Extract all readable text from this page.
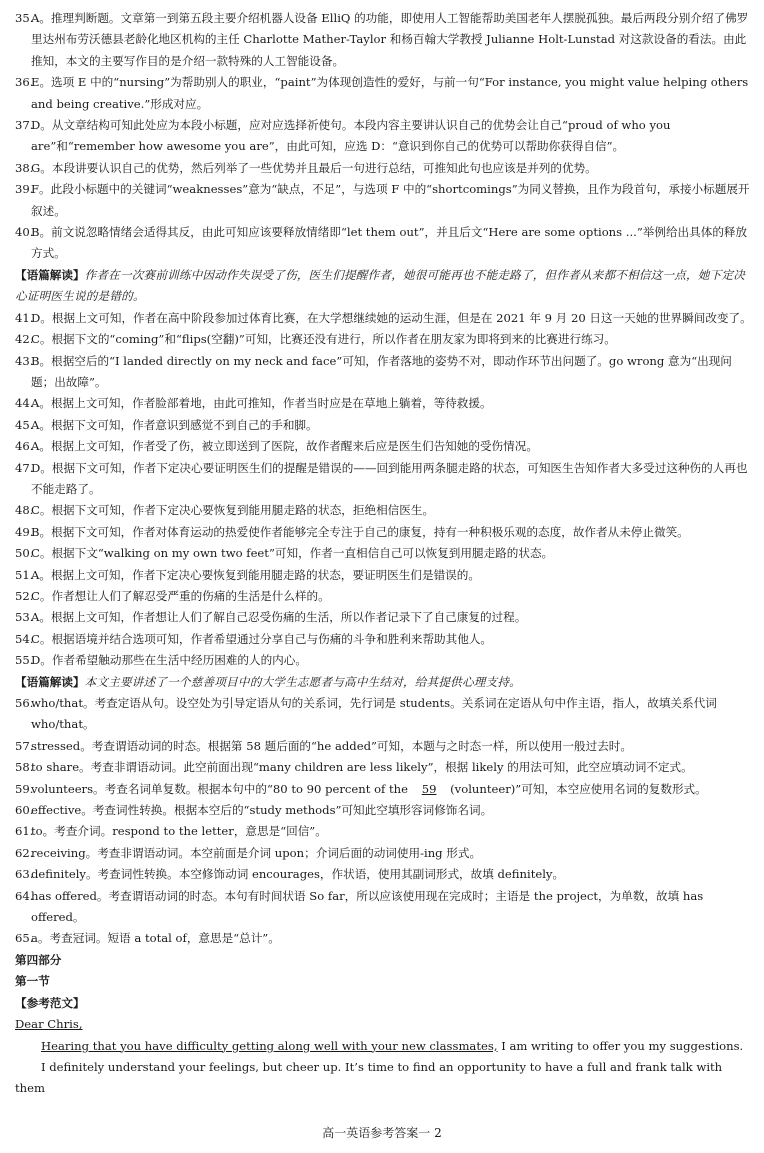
35.A。推理判断题。文章第一到第五段主要介绍机器人设备 ElliQ 的功能，即使用人工智能帮助美国老年人摆脱孤独。最后两段分别介绍了佛罗里达州布劳沃德县老龄化地区机构的主任 Charlotte Mather-Taylor 和杨百翰大学教授 Julianne Holt-Lunstad 对这款设备的看法。由此推知，本文的主要写作目的是介绍一款特殊的人工智能设备。
36.E。选项 E 中的“nursing”为帮助别人的职业，“paint”为体现创造性的爱好，与前一句“For instance, you might value helping others and being creative.”形成对应。
37.D。从文章结构可知此处应为本段小标题，应对应选择祈使句。本段内容主要讲认识自己的优势会让自己“proud of who you are”和“remember how awesome you are”，由此可知，应选 D：“意识到你自己的优势可以帮助你获得自信”。
38.G。本段讲要认识自己的优势，然后列举了一些优势并且最后一句进行总结，可推知此句也应该是并列的优势。
39.F。此段小标题中的关键词“weaknesses”意为“缺点，不足”，与选项 F 中的“shortcomings”为同义替换，且作为段首句，承接小标题展开叙述。
40.B。前文说忽略情绪会适得其反，由此可知应该要释放情绪即“let them out”，并且后文“Here are some options ...”举例给出具体的释放方式。
【语篇解读】作者在一次赛前训练中因动作失误受了伤，医生们提醒作者，她很可能再也不能走路了，但作者从来都不相信这一点，她下定决心证明医生说的是错的。
41.D。根据上文可知，作者在高中阶段参加过体育比赛，在大学想继续她的运动生涯，但是在 2021 年 9 月 20 日这一天她的世界瞬间改变了。
42.C。根据下文的“coming”和“flips(空翻)”可知，比赛还没有进行，所以作者在朋友家为即将到来的比赛进行练习。
43.B。根据空后的“I landed directly on my neck and face”可知，作者落地的姿势不对，即动作环节出问题了。go wrong 意为“出现问题；出故障”。
44.A。根据上文可知，作者脸部着地，由此可推知，作者当时应是在草地上躺着，等待救援。
45.A。根据下文可知，作者意识到感觉不到自己的手和脚。
46.A。根据上文可知，作者受了伤，被立即送到了医院，故作者醒来后应是医生们告知她的受伤情况。
47.D。根据下文可知，作者下定决心要证明医生们的提醒是错误的——回到能用两条腿走路的状态，可知医生告知作者大多受过这种伤的人再也不能走路了。
48.C。根据下文可知，作者下定决心要恢复到能用腿走路的状态，拒绝相信医生。
49.B。根据下文可知，作者对体育运动的热爱使作者能够完全专注于自己的康复，持有一种积极乐观的态度，故作者从未停止微笑。
50.C。根据下文“walking on my own two feet”可知，作者一直相信自己可以恢复到用腿走路的状态。
51.A。根据上文可知，作者下定决心要恢复到能用腿走路的状态，要证明医生们是错误的。
52.C。作者想让人们了解忍受严重的伤痛的生活是什么样的。
53.A。根据上文可知，作者想让人们了解自己忍受伤痛的生活，所以作者记录下了自己康复的过程。
54.C。根据语境并结合选项可知，作者希望通过分享自己与伤痛的斗争和胜利来帮助其他人。
55.D。作者希望触动那些在生活中经历困难的人的内心。
【语篇解读】本文主要讲述了一个慈善项目中的大学生志愿者与高中生结对，给其提供心理支持。
56.who/that。考查定语从句。设空处为引导定语从句的关系词，先行词是 students。关系词在定语从句中作主语，指人，故填关系代词 who/that。
57.stressed。考查谓语动词的时态。根据第 58 题后面的“he added”可知，本题与之时态一样，所以使用一般过去时。
58.to share。考查非谓语动词。此空前面出现“many children are less likely”，根据 likely 的用法可知，此空应填动词不定式。
59.volunteers。考查名词单复数。根据本句中的“80 to 90 percent of the 59 (volunteer)”可知，本空应使用名词的复数形式。
60.effective。考查词性转换。根据本空后的“study methods”可知此空填形容词修饰名词。
61.to。考查介词。respond to the letter，意思是“回信”。
62.receiving。考查非谓语动词。本空前面是介词 upon；介词后面的动词使用-ing 形式。
63.definitely。考查词性转换。本空修饰动词 encourages，作状语，使用其副词形式，故填 definitely。
64.has offered。考查谓语动词的时态。本句有时间状语 So far，所以应该使用现在完成时；主语是 the project，为单数，故填 has offered。
65.a。考查冠词。短语 a total of，意思是“总计”。
第四部分
第一节
【参考范文】
Dear Chris,
Hearing that you have difficulty getting along well with your new classmates, I am writing to offer you my suggestions.
I definitely understand your feelings, but cheer up. It’s time to find an opportunity to have a full and frank talk with them
高一英语参考答案一 2
